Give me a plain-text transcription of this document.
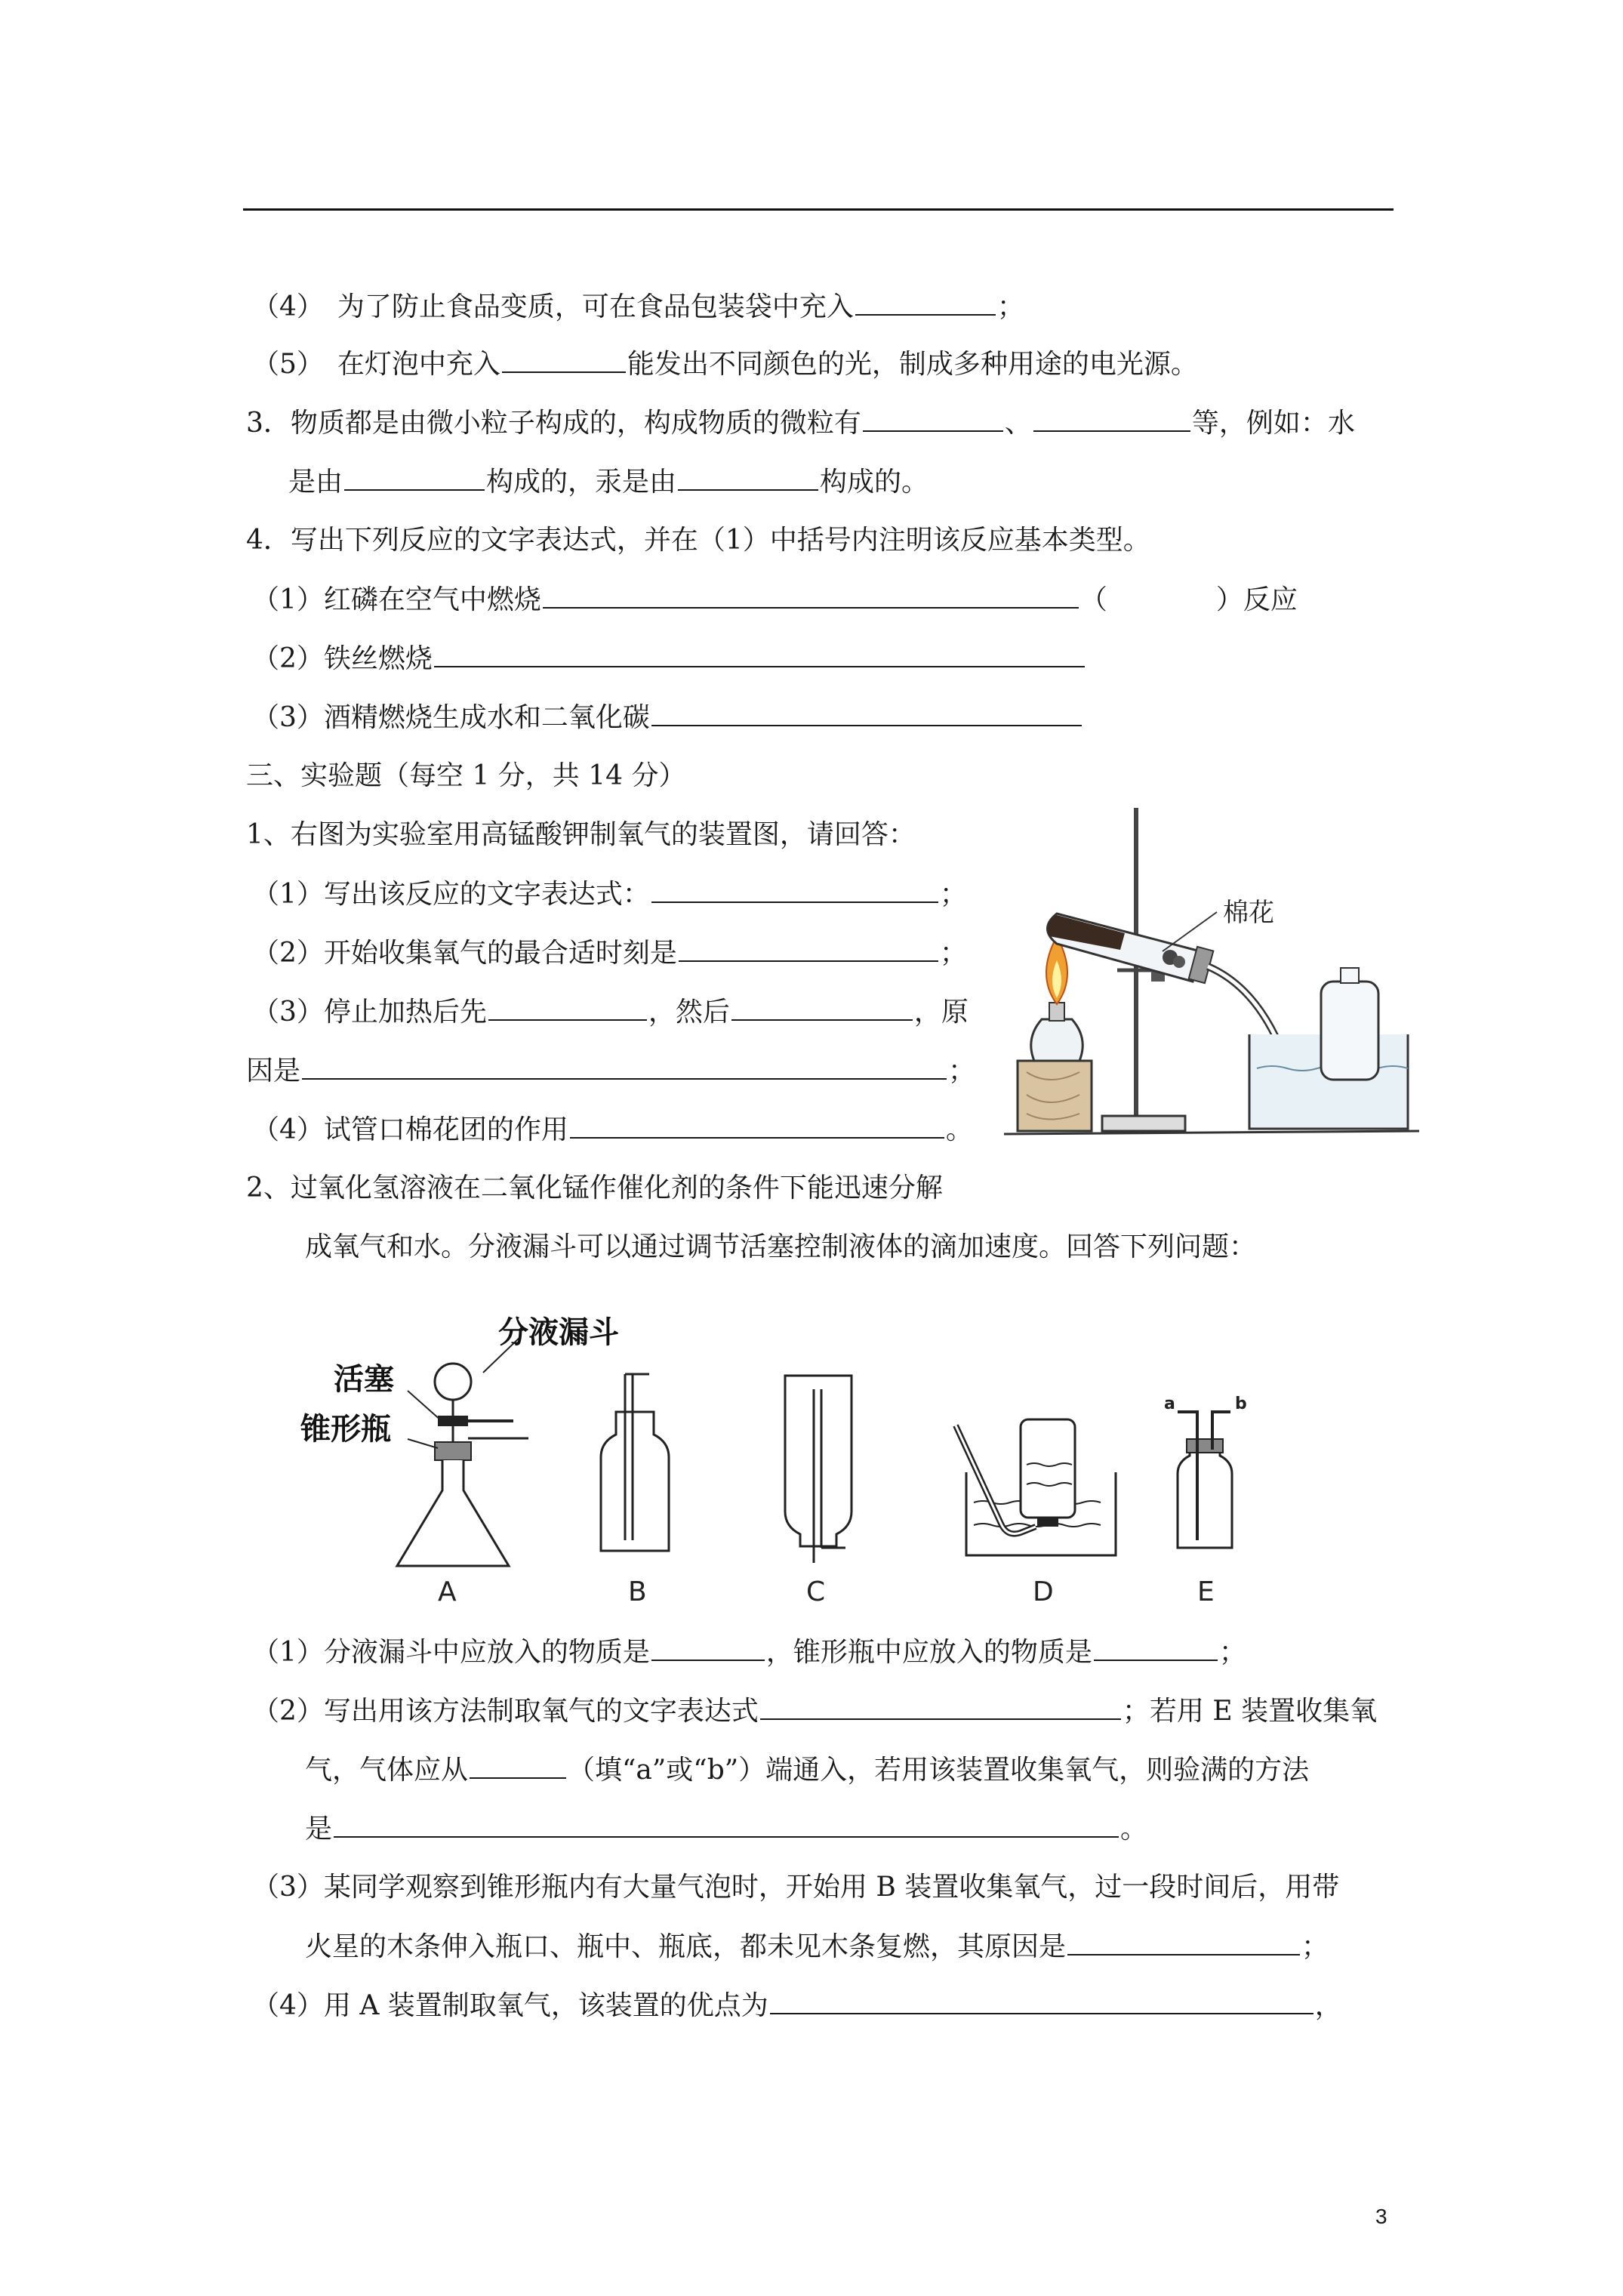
（4）　为了防止食品变质，可在食品包装袋中充入	；
（5）　在灯泡中充入	能发出不同颜色的光，制成多种用途的电光源。
3．物质都是由微小粒子构成的，构成物质的微粒有	、	等，例如：水
是由	构成的，汞是由	构成的。
4．写出下列反应的文字表达式，并在（1）中括号内注明该反应基本类型。
（1）红磷在空气中燃烧	（　　　　）反应
（2）铁丝燃烧
（3）酒精燃烧生成水和二氧化碳
三、实验题（每空 1 分，共 14 分）
1、右图为实验室用高锰酸钾制氧气的装置图，请回答：
（1）写出该反应的文字表达式：	；
（2）开始收集氧气的最合适时刻是	；
（3）停止加热后先	，然后	，原
因是	；
（4）试管口棉花团的作用	。
2、过氧化氢溶液在二氧化锰作催化剂的条件下能迅速分解
成氧气和水。分液漏斗可以通过调节活塞控制液体的滴加速度。回答下列问题：
棉花
分液漏斗
活塞
锥形瓶
A	B	C	D
a	b
E
（1）分液漏斗中应放入的物质是	，锥形瓶中应放入的物质是	；
（2）写出用该方法制取氧气的文字表达式	；若用 E 装置收集氧
气，气体应从	（填“a”或“b”）端通入，若用该装置收集氧气，则验满的方法
是	。
（3）某同学观察到锥形瓶内有大量气泡时，开始用 B 装置收集氧气，过一段时间后，用带
火星的木条伸入瓶口、瓶中、瓶底，都未见木条复燃，其原因是	；
（4）用 A 装置制取氧气，该装置的优点为	，
3
